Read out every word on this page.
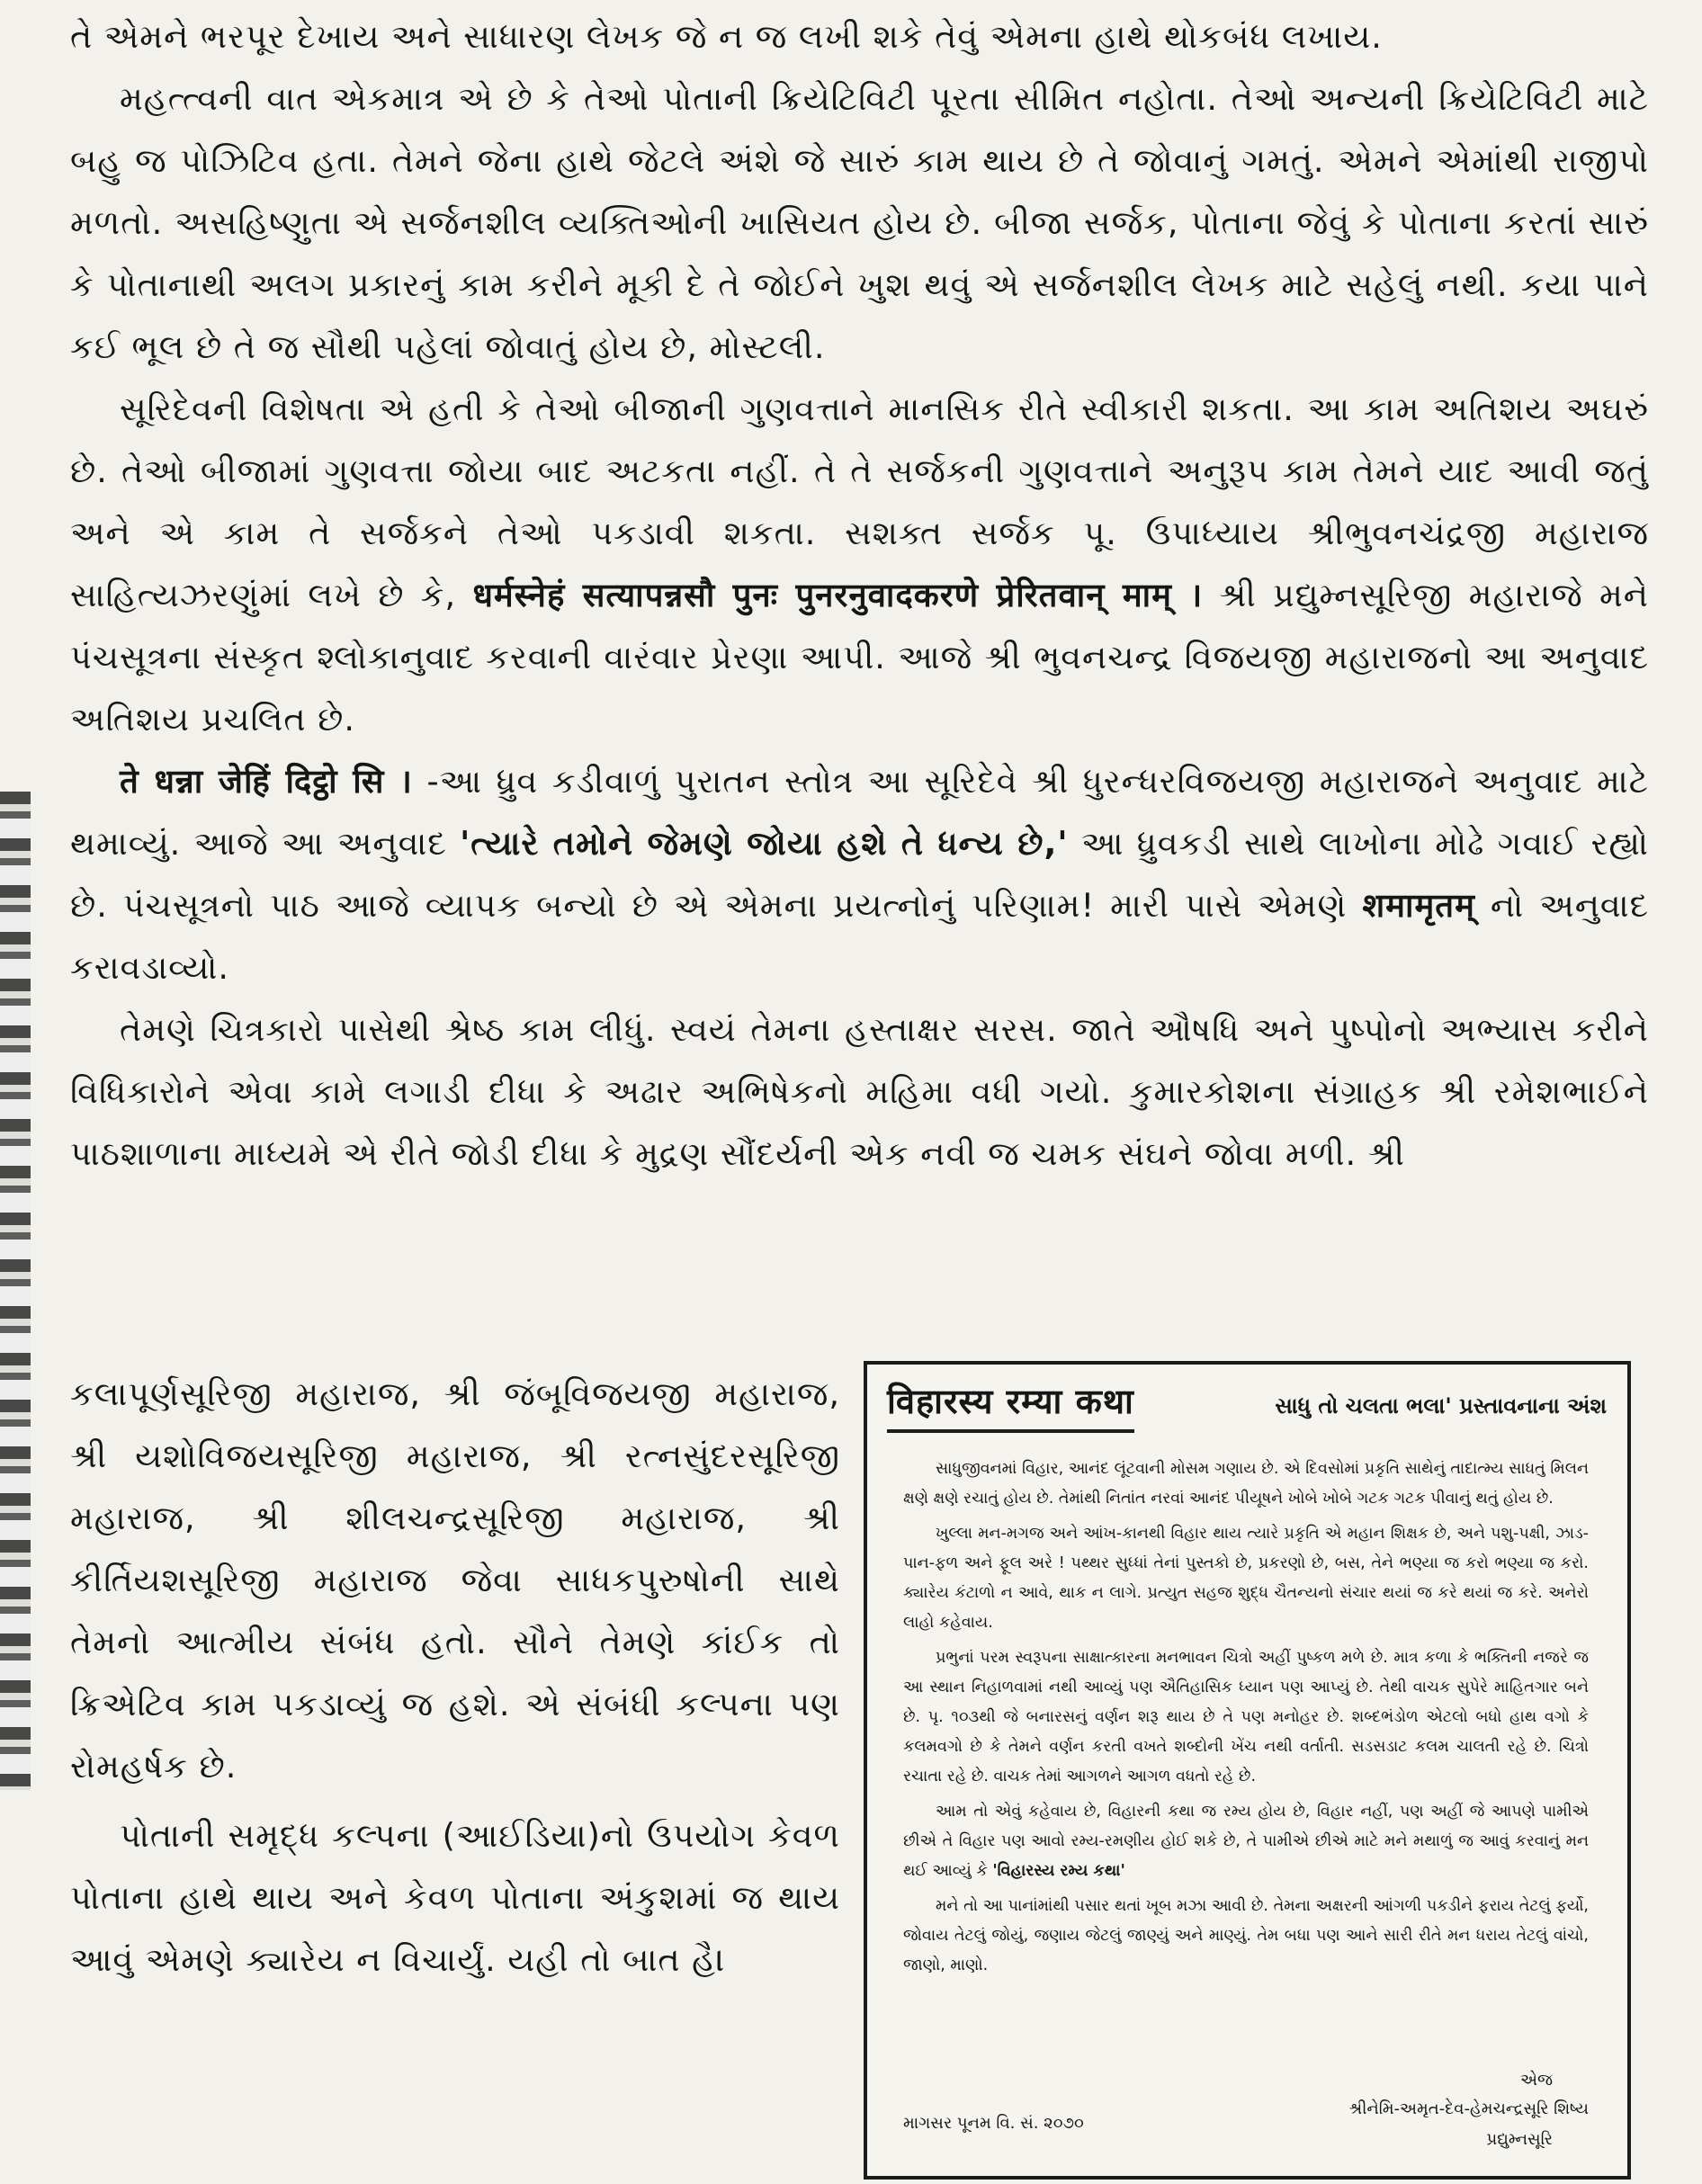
તે એમને ભરપૂર દેખાય અને સાધારણ લેખક જે ન જ લખી શકે તેવું એમના હાથે થોકબંધ લખાય.

મહત્ત્વની વાત એકમાત્ર એ છે કે તેઓ પોતાની ક્રિયેટિવિટી પૂરતા સીમિત નહોતા. તેઓ અન્યની ક્રિયેટિવિટી માટે બહુ જ પોઝિટિવ હતા. તેમને જેના હાથે જેટલે અંશે જે સારું કામ થાય છે તે જોવાનું ગમતું. એમને એમાંથી રાજીપો મળતો. અસહિષ્ણુતા એ સર્જનશીલ વ્યક્તિઓની ખાસિયત હોય છે. બીજા સર્જક, પોતાના જેવું કે પોતાના કરતાં સારું કે પોતાનાથી અલગ પ્રકારનું કામ કરીને મૂકી દે તે જોઈને ખુશ થવું એ સર્જનશીલ લેખક માટે સહેલું નથી. કયા પાને કઈ ભૂલ છે તે જ સૌથી પહેલાં જોવાતું હોય છે, મોસ્ટલી.

સૂરિદેવની વિશેષતા એ હતી કે તેઓ બીજાની ગુણવત્તાને માનસિક રીતે સ્વીકારી શકતા. આ કામ અતિશય અઘરું છે. તેઓ બીજામાં ગુણવત્તા જોયા બાદ અટકતા નહીં. તે તે સર્જકની ગુણવત્તાને અનુરૂપ કામ તેમને યાદ આવી જતું અને એ કામ તે સર્જકને તેઓ પકડાવી શકતા. સશક્ત સર્જક પૂ. ઉપાધ્યાય શ્રીભુવનચંદ્રજી મહારાજ સાહિત્યઝરણુંમાં લખે છે કે, धर्मस्नेहं सत्यापन्नसौ पुनः पुनरनुवादकरणे प्रेरितवान् माम् । શ્રી પ્રદ્યુમ્નસૂરિજી મહારાજે મને પંચસૂત્રના સંસ્કૃત શ્લોકાનુવાદ કરવાની વારંવાર પ્રેરણા આપી. આજે શ્રી ભુવનચન્દ્ર વિજયજી મહારાજનો આ અનુવાદ અતિશય પ્રચલિત છે.

ते धन्ना जेहिं दिट्ठो सि । -આ ધ્રુવ કડીવાળું પુરાતન સ્તોત્ર આ સૂરિદેવે શ્રી ધુરન્ધરવિજયજી મહારાજને અનુવાદ માટે થમાવ્યું. આજે આ અનુવાદ 'ત્યારે તમોને જેમણે જોયા હશે તે ધન્ય છે,' આ ધ્રુવકડી સાથે લાખોના મોઢે ગવાઈ રહ્યો છે. પંચસૂત્રનો પાઠ આજે વ્યાપક બન્યો છે એ એમના પ્રયત્નોનું પરિણામ! મારી પાસે એમણે शमामृतम् નો અનુવાદ કરાવડાવ્યો.

તેમણે ચિત્રકારો પાસેથી શ્રેષ્ઠ કામ લીધું. સ્વયં તેમના હસ્તાક્ષર સરસ. જાતે ઔષધિ અને પુષ્પોનો અભ્યાસ કરીને વિધિકારોને એવા કામે લગાડી દીધા કે અઢાર અભિષેકનો મહિમા વધી ગયો. કુમારકોશના સંગ્રાહક શ્રી રમેશભાઈને પાઠશાળાના માધ્યમે એ રીતે જોડી દીધા કે મુદ્રણ સૌંદર્યની એક નવી જ ચમક સંઘને જોવા મળી. શ્રી

કલાપૂર્ણસૂરિજી મહારાજ, શ્રી જંબૂવિજયજી મહારાજ, શ્રી યશોવિજયસૂરિજી મહારાજ, શ્રી રત્નસુંદરસૂરિજી મહારાજ, શ્રી શીલચન્દ્રસૂરિજી મહારાજ, શ્રી કીર્તિયશસૂરિજી મહારાજ જેવા સાધકપુરુષોની સાથે તેમનો આત્મીય સંબંધ હતો. સૌને તેમણે કાંઈક તો ક્રિએટિવ કામ પકડાવ્યું જ હશે. એ સંબંધી કલ્પના પણ રોમહર્ષક છે.

પોતાની સમૃદ્ધ કલ્પના (આઈડિયા)નો ઉપયોગ કેવળ પોતાના હાથે થાય અને કેવળ પોતાના અંકુશમાં જ થાય આવું એમણે ક્યારેય ન વિચાર્યું. યહી તો બાત હૈ।

विहारस्य रम्या कथा	સાધુ તો ચલતા ભલા' પ્રસ્તાવનાના અંશ

સાધુજીવનમાં વિહાર, આનંદ લૂંટવાની મોસમ ગણાય છે. એ દિવસોમાં પ્રકૃતિ સાથેનું તાદાત્મ્ય સાધતું મિલન ક્ષણે ક્ષણે રચાતું હોય છે. તેમાંથી નિતાંત નરવાં આનંદ પીયૂષને ખોબે ખોબે ગટક ગટક પીવાનું થતું હોય છે.

ખુલ્લા મન-મગજ અને આંખ-કાનથી વિહાર થાય ત્યારે પ્રકૃતિ એ મહાન શિક્ષક છે, અને પશુ-પક્ષી, ઝાડ-પાન-ફળ અને ફૂલ અરે ! પથ્થર સુધ્ધાં તેનાં પુસ્તકો છે, પ્રકરણો છે, બસ, તેને ભણ્યા જ કરો ભણ્યા જ કરો. ક્યારેય કંટાળો ન આવે, થાક ન લાગે. પ્રત્યુત સહજ શુદ્ધ ચૈતન્યનો સંચાર થયાં જ કરે થયાં જ કરે. અનેરો લાહો કહેવાય.

પ્રભુનાં પરમ સ્વરૂપના સાક્ષાત્કારના મનભાવન ચિત્રો અહીં પુષ્કળ મળે છે. માત્ર કળા કે ભક્તિની નજરે જ આ સ્થાન નિહાળવામાં નથી આવ્યું પણ ઐતિહાસિક ધ્યાન પણ આપ્યું છે. તેથી વાચક સુપેરે માહિતગાર બને છે. પૃ. ૧૦૩થી જે બનારસનું વર્ણન શરૂ થાય છે તે પણ મનોહર છે. શબ્દભંડોળ એટલો બધો હાથ વગો કે કલમવગો છે કે તેમને વર્ણન કરતી વખતે શબ્દોની ખેંચ નથી વર્તાતી. સડસડાટ કલમ ચાલતી રહે છે. ચિત્રો રચાતા રહે છે. વાચક તેમાં આગળને આગળ વધતો રહે છે.

આમ તો એવું કહેવાય છે, વિહારની કથા જ રમ્ય હોય છે, વિહાર નહીં, પણ અહીં જે આપણે પામીએ છીએ તે વિહાર પણ આવો રમ્ય-રમણીય હોઈ શકે છે, તે પામીએ છીએ માટે મને મથાળું જ આવું કરવાનું મન થઈ આવ્યું કે 'વિહારસ્ય રમ્ય કથા'

મને તો આ પાનાંમાંથી પસાર થતાં ખૂબ મઝા આવી છે. તેમના અક્ષરની આંગળી પકડીને ફરાય તેટલું ફર્યો, જોવાય તેટલું જોયું, જણાય જેટલું જાણ્યું અને માણ્યું. તેમ બધા પણ આને સારી રીતે મન ધરાય તેટલું વાંચો, જાણો, માણો.

એજ
શ્રીનેમિ-અમૃત-દેવ-હેમચન્દ્રસૂરિ શિષ્ય
માગસર પૂનમ વિ. સં. ૨૦૭૦
પ્રદ્યુમ્નસૂરિ
